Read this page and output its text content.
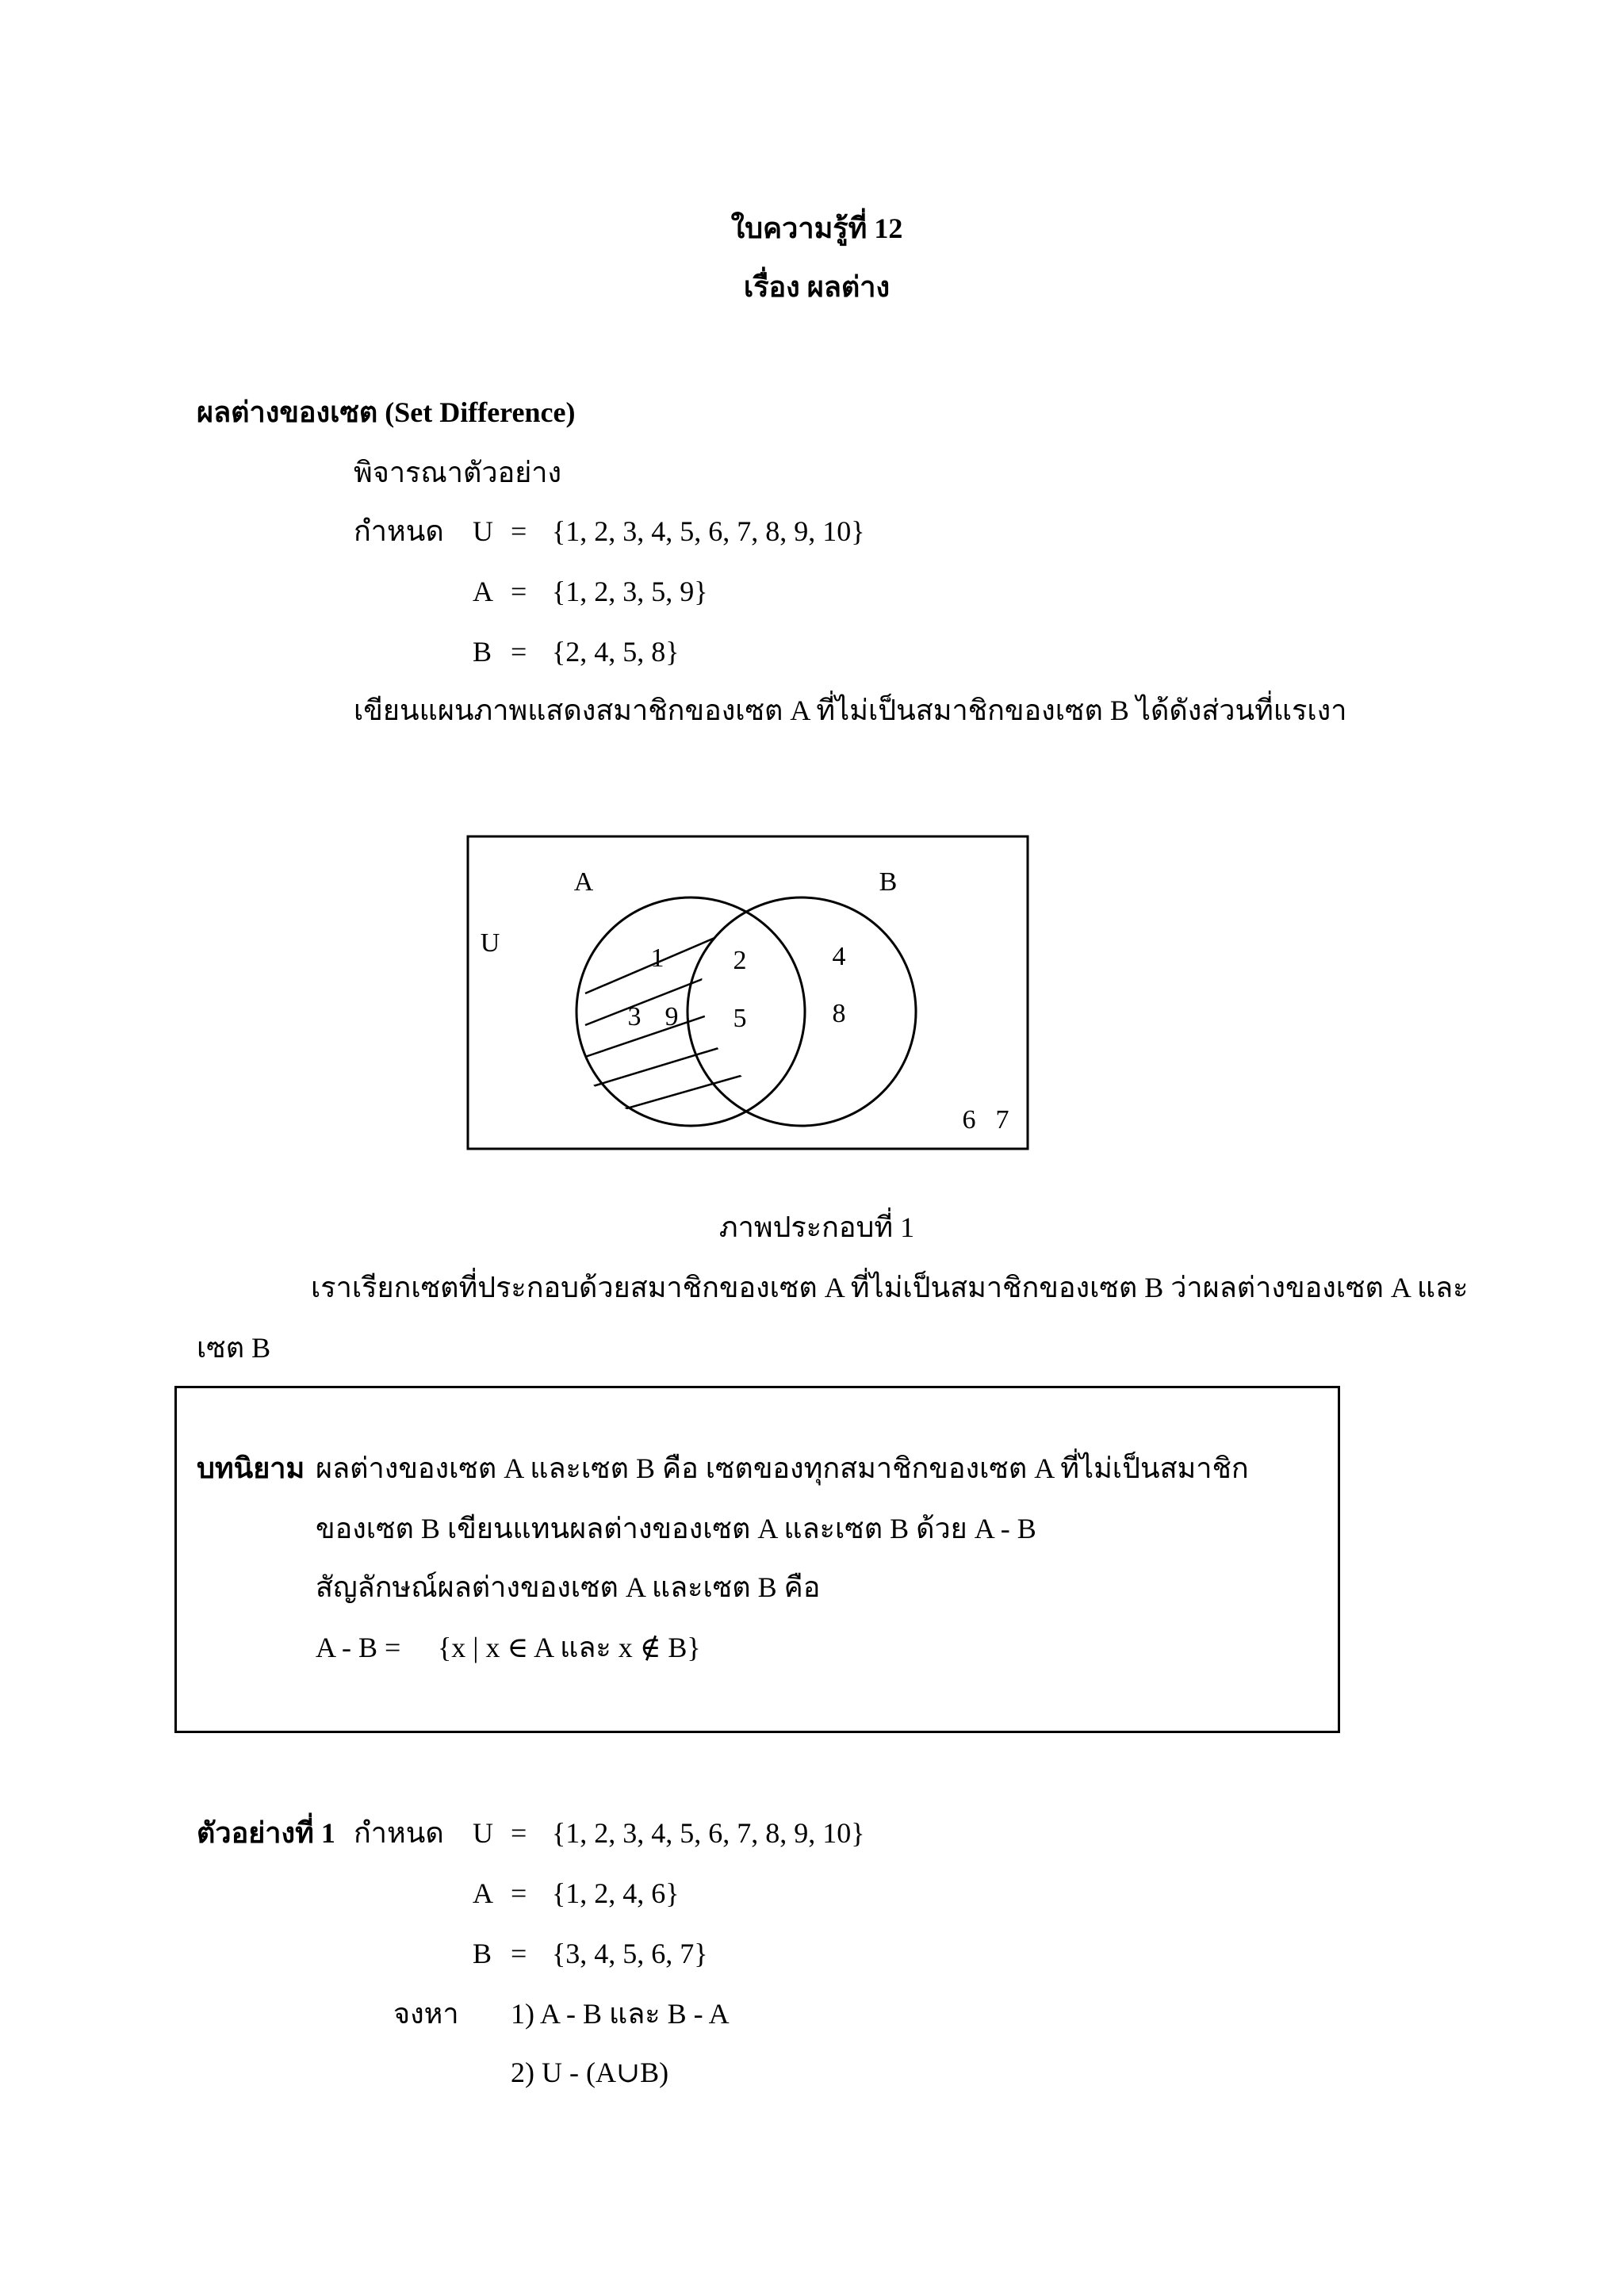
ใบความรู้ที่ 12
เรื่อง ผลต่าง
ผลต่างของเซต (Set Difference)
พิจารณาตัวอย่าง
กำหนด U = {1, 2, 3, 4, 5, 6, 7, 8, 9, 10}
A = {1, 2, 3, 5, 9}
B = {2, 4, 5, 8}
เขียนแผนภาพแสดงสมาชิกของเซต A ที่ไม่เป็นสมาชิกของเซต B ได้ดังส่วนที่แรเงา
U
A	B
1
3 9
2
5
4
8
6 7
ภาพประกอบที่ 1
เราเรียกเซตที่ประกอบด้วยสมาชิกของเซต A ที่ไม่เป็นสมาชิกของเซต B ว่าผลต่างของเซต A และ
เซต B
บทนิยาม ผลต่างของเซต A และเซต B คือ เซตของทุกสมาชิกของเซต A ที่ไม่เป็นสมาชิก
ของเซต B เขียนแทนผลต่างของเซต A และเซต B ด้วย A - B
สัญลักษณ์ผลต่างของเซต A และเซต B คือ
A - B = {x | x ∈ A และ x ∉ B}
ตัวอย่างที่ 1 กำหนด U = {1, 2, 3, 4, 5, 6, 7, 8, 9, 10}
A = {1, 2, 4, 6}
B = {3, 4, 5, 6, 7}
จงหา 1) A - B และ B - A
2) U - (A∪B)
